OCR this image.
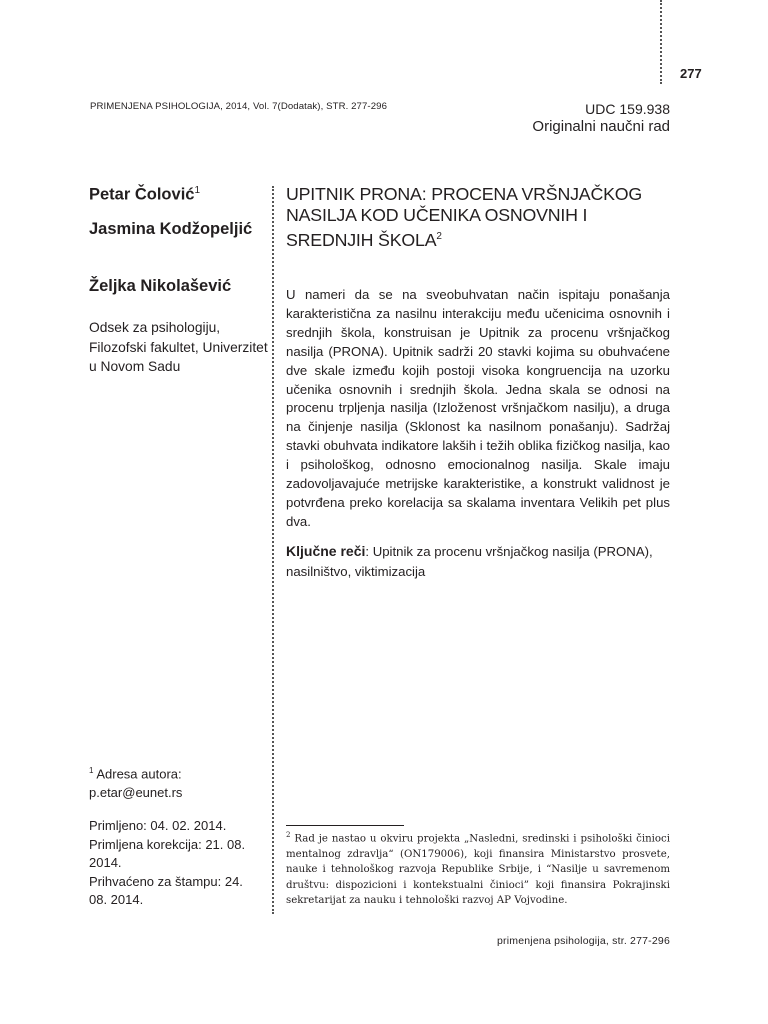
277
PRIMENJENA PSIHOLOGIJA, 2014, Vol. 7(Dodatak), STR. 277-296	UDC 159.938
Originalni naučni rad
Petar Čolović$^1$
Jasmina Kodžopeljić
Željka Nikolašević
Odsek za psihologiju, Filozofski fakultet, Univerzitet u Novom Sadu
UPITNIK PRONA: PROCENA VRŠNJAČKOG NASILJA KOD UČENIKA OSNOVNIH I SREDNJIH ŠKOLA$^2$
U nameri da se na sveobuhvatan način ispitaju ponašanja karakteristična za nasilnu interakciju među učenicima osnovnih i srednjih škola, konstruisan je Upitnik za procenu vršnjačkog nasilja (PRONA). Upitnik sadrži 20 stavki kojima su obuhvaćene dve skale između kojih postoji visoka kongruencija na uzorku učenika osnovnih i srednjih škola. Jedna skala se odnosi na procenu trpljenja nasilja (Izloženost vršnjačkom nasilju), a druga na činjenje nasilja (Sklonost ka nasilnom ponašanju). Sadržaj stavki obuhvata indikatore lakših i težih oblika fizičkog nasilja, kao i psihološkog, odnosno emocionalnog nasilja. Skale imaju zadovoljavajuće metrijske karakteristike, a konstrukt validnost je potvrđena preko korelacija sa skalama inventara Velikih pet plus dva.
Ključne reči: Upitnik za procenu vršnjačkog nasilja (PRONA), nasilništvo, viktimizacija
$^1$ Adresa autora: p.etar@eunet.rs
Primljeno: 04. 02. 2014.
Primljena korekcija: 21. 08. 2014.
Prihvaćeno za štampu: 24. 08. 2014.
$^2$ Rad je nastao u okviru projekta „Nasledni, sredinski i psihološki činioci mentalnog zdravlja“ (ON179006), koji finansira Ministarstvo prosvete, nauke i tehnološkog razvoja Republike Srbije, i “Nasilje u savremenom društvu: dispozicioni i kontekstualni činioci” koji finansira Pokrajinski sekretarijat za nauku i tehnološki razvoj AP Vojvodine.
primenjena psihologija, str. 277-296
